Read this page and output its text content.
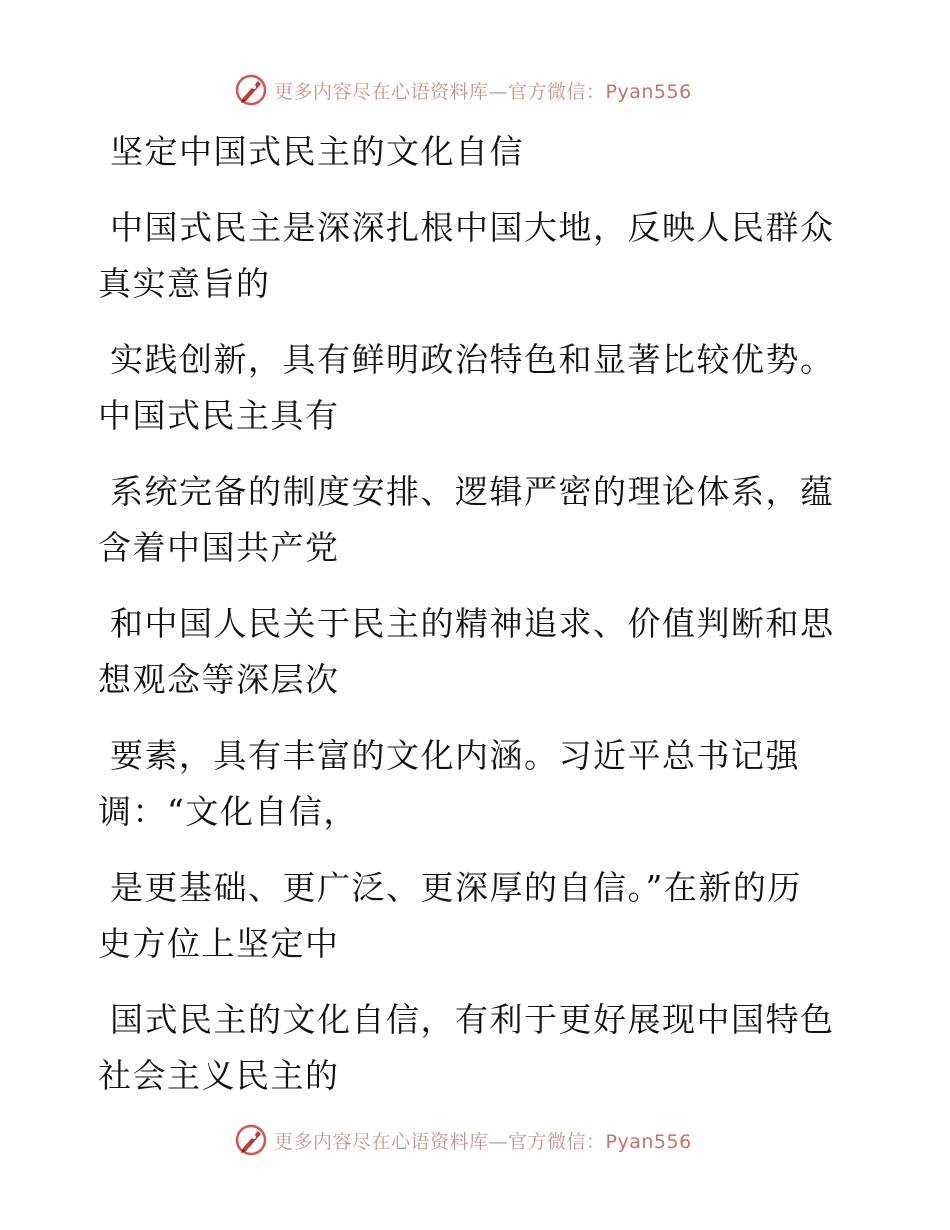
更多内容尽在心语资料库—官方微信：Pyan556
坚定中国式民主的文化自信
中国式民主是深深扎根中国大地，反映人民群众
真实意旨的
实践创新，具有鲜明政治特色和显著比较优势。
中国式民主具有
系统完备的制度安排、逻辑严密的理论体系，蕴
含着中国共产党
和中国人民关于民主的精神追求、价值判断和思
想观念等深层次
要素，具有丰富的文化内涵。习近平总书记强
调：“文化自信，
是更基础、更广泛、更深厚的自信。”在新的历
史方位上坚定中
国式民主的文化自信，有利于更好展现中国特色
社会主义民主的
更多内容尽在心语资料库—官方微信：Pyan556
